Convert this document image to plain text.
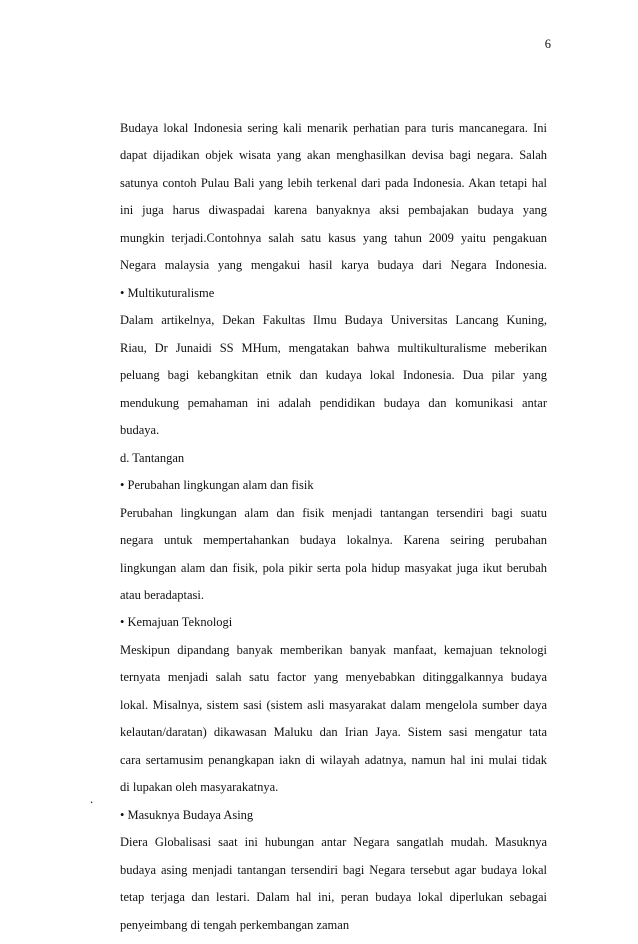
6
Budaya lokal Indonesia sering kali menarik perhatian para turis mancanegara. Ini
dapat dijadikan objek wisata yang akan menghasilkan devisa bagi negara. Salah
satunya contoh Pulau Bali yang lebih terkenal dari pada Indonesia. Akan tetapi hal
ini juga harus diwaspadai karena banyaknya aksi pembajakan budaya yang
mungkin terjadi.Contohnya salah satu kasus yang tahun 2009 yaitu pengakuan
Negara malaysia yang mengakui hasil karya budaya dari Negara Indonesia.
• Multikuturalisme
Dalam artikelnya, Dekan Fakultas Ilmu Budaya Universitas Lancang Kuning,
Riau, Dr Junaidi SS MHum, mengatakan bahwa multikulturalisme meberikan
peluang bagi kebangkitan etnik dan kudaya lokal Indonesia. Dua pilar yang
mendukung pemahaman ini adalah pendidikan budaya dan komunikasi antar
budaya.
d. Tantangan
• Perubahan lingkungan alam dan fisik
Perubahan lingkungan alam dan fisik menjadi tantangan tersendiri bagi suatu
negara untuk mempertahankan budaya lokalnya. Karena seiring perubahan
lingkungan alam dan fisik, pola pikir serta pola hidup masyakat juga ikut berubah
atau beradaptasi.
• Kemajuan Teknologi
Meskipun dipandang banyak memberikan banyak manfaat, kemajuan teknologi
ternyata menjadi salah satu factor yang menyebabkan ditinggalkannya budaya
lokal. Misalnya, sistem sasi (sistem asli masyarakat dalam mengelola sumber daya
kelautan/daratan) dikawasan Maluku dan Irian Jaya. Sistem sasi mengatur tata
cara sertamusim penangkapan iakn di wilayah adatnya, namun hal ini mulai tidak
di lupakan oleh masyarakatnya.
• Masuknya Budaya Asing
Diera Globalisasi saat ini hubungan antar Negara sangatlah mudah. Masuknya
budaya asing menjadi tantangan tersendiri bagi Negara tersebut agar budaya lokal
tetap terjaga dan lestari. Dalam hal ini, peran budaya lokal diperlukan sebagai
penyeimbang di tengah perkembangan zaman
.
